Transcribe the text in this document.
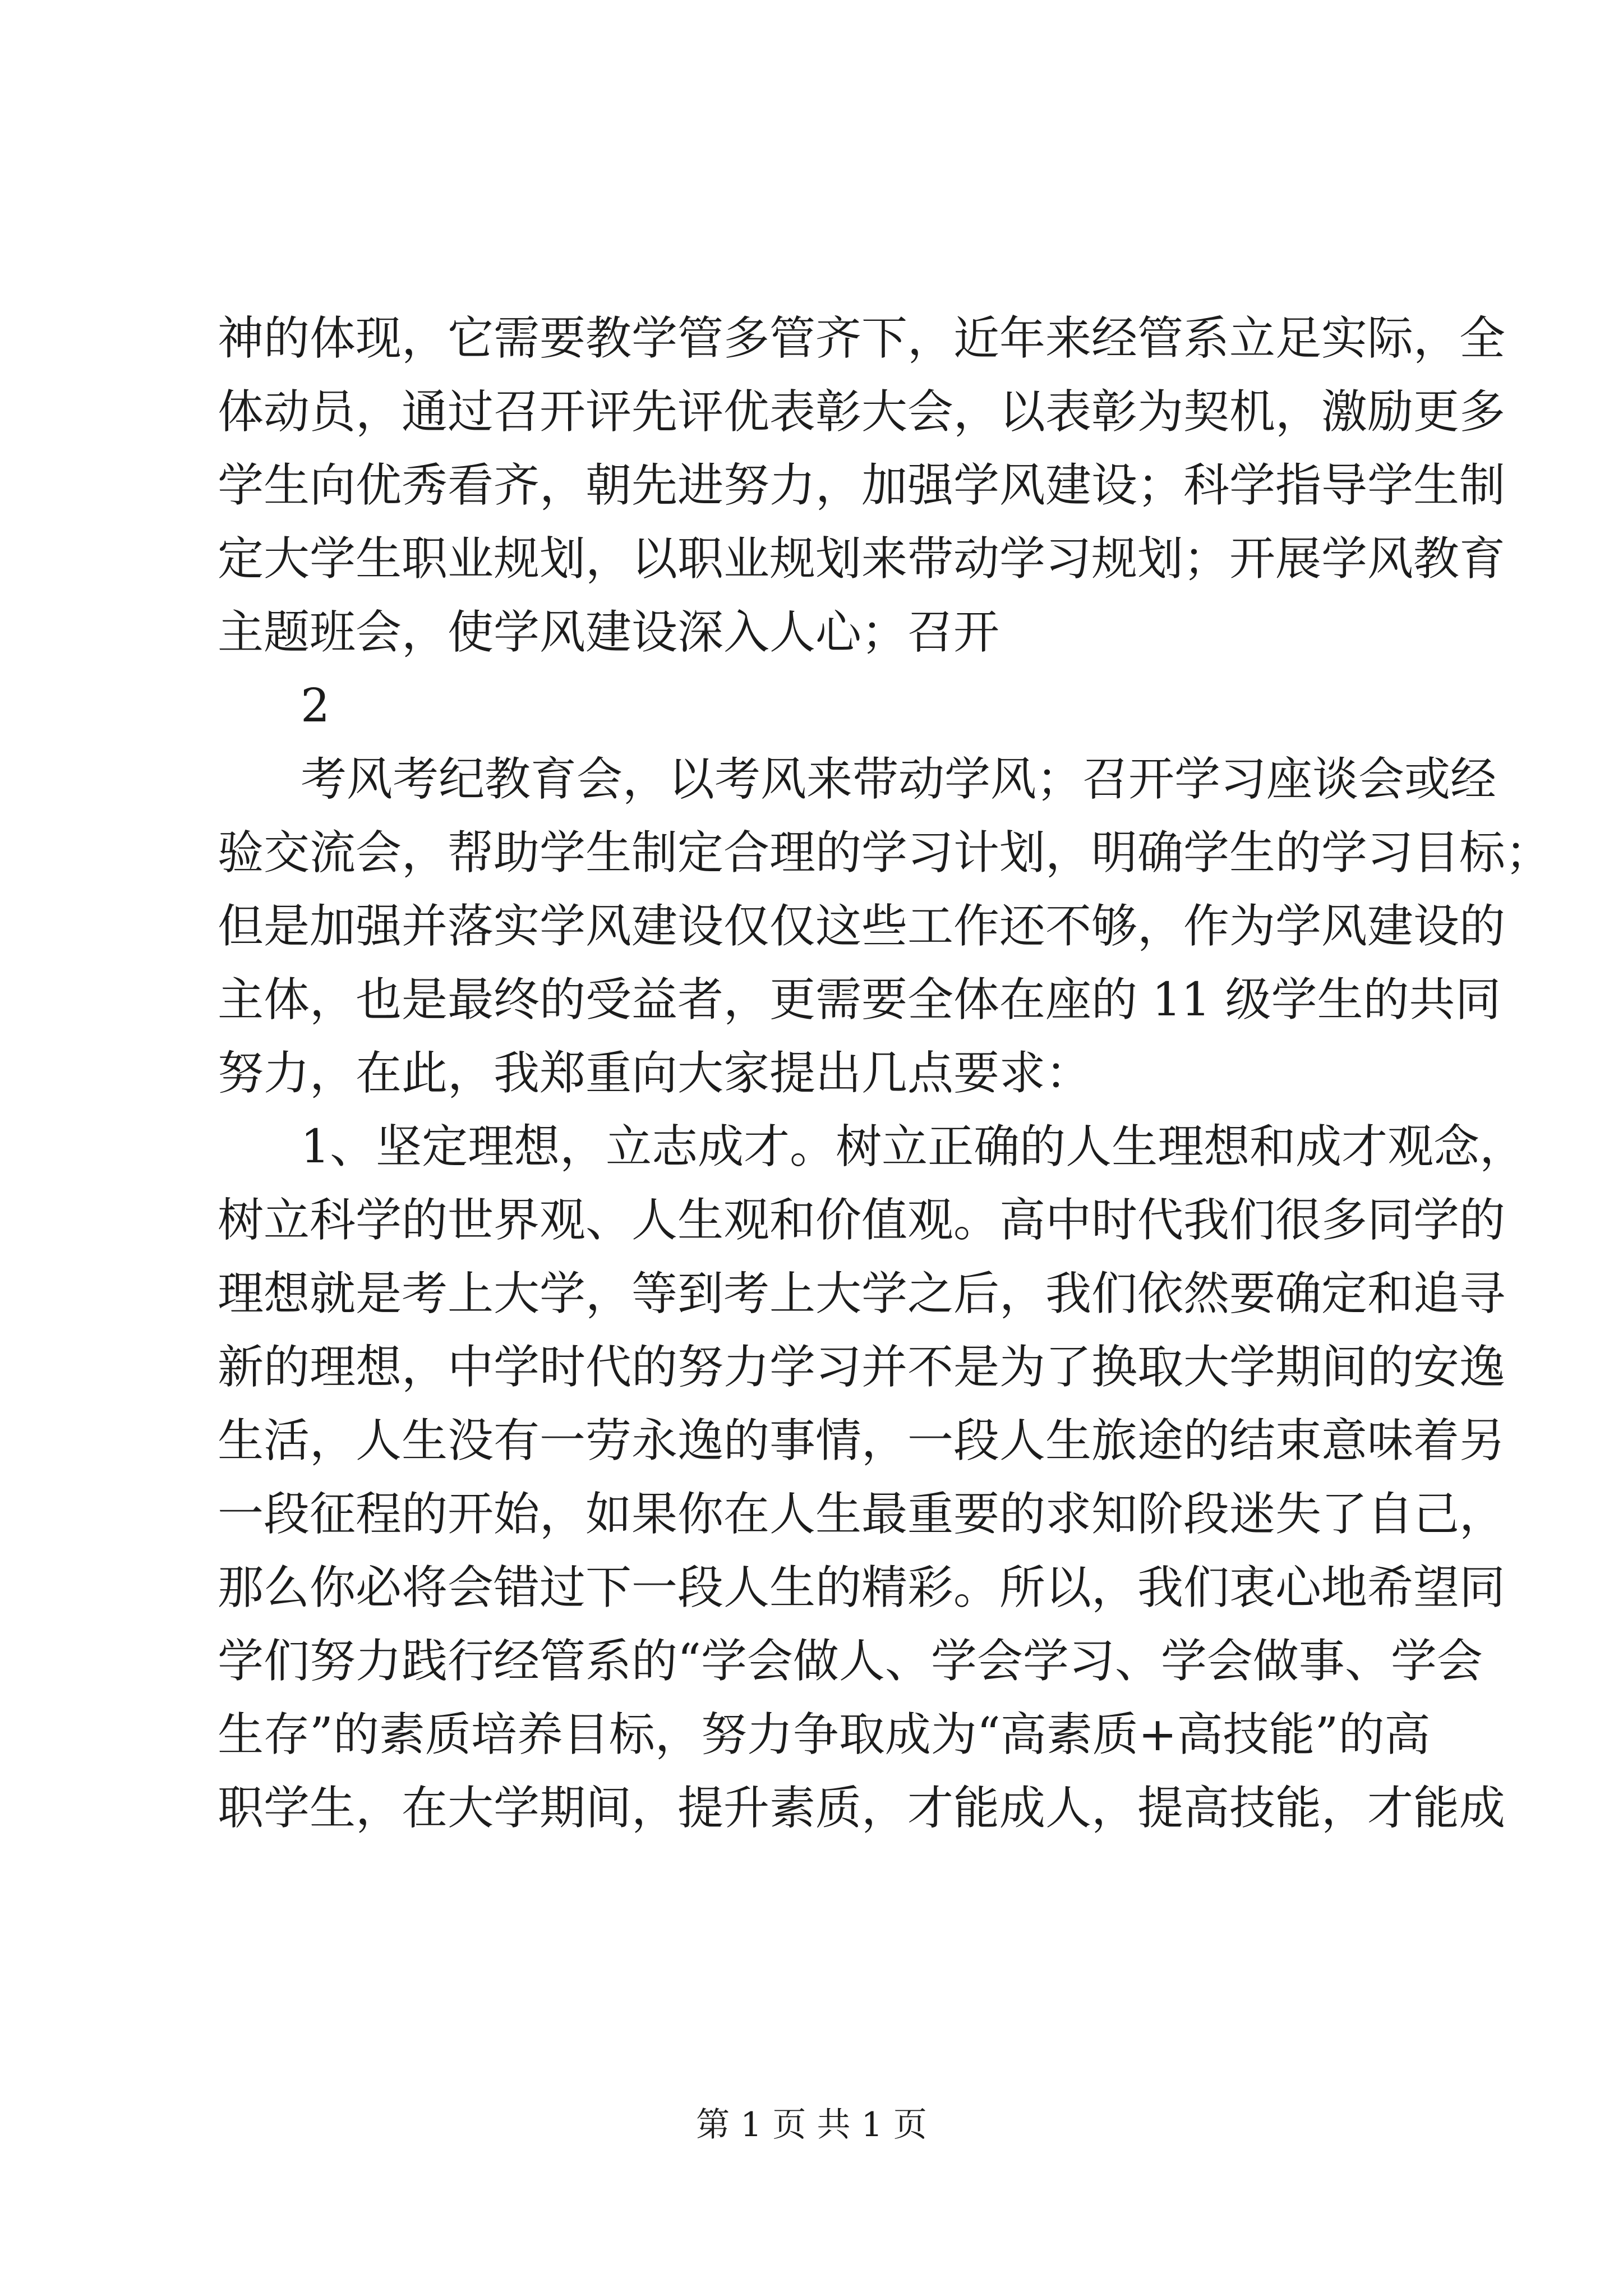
神的体现，它需要教学管多管齐下，近年来经管系立足实际，全
体动员，通过召开评先评优表彰大会，以表彰为契机，激励更多
学生向优秀看齐，朝先进努力，加强学风建设；科学指导学生制
定大学生职业规划，以职业规划来带动学习规划；开展学风教育
主题班会，使学风建设深入人心；召开
2
考风考纪教育会，以考风来带动学风；召开学习座谈会或经
验交流会，帮助学生制定合理的学习计划，明确学生的学习目标；
但是加强并落实学风建设仅仅这些工作还不够，作为学风建设的
主体，也是最终的受益者，更需要全体在座的 11 级学生的共同
努力，在此，我郑重向大家提出几点要求：
1、坚定理想，立志成才。树立正确的人生理想和成才观念，
树立科学的世界观、人生观和价值观。高中时代我们很多同学的
理想就是考上大学，等到考上大学之后，我们依然要确定和追寻
新的理想，中学时代的努力学习并不是为了换取大学期间的安逸
生活，人生没有一劳永逸的事情，一段人生旅途的结束意味着另
一段征程的开始，如果你在人生最重要的求知阶段迷失了自己，
那么你必将会错过下一段人生的精彩。所以，我们衷心地希望同
学们努力践行经管系的“学会做人、学会学习、学会做事、学会
生存”的素质培养目标，努力争取成为“高素质+高技能”的高
职学生，在大学期间，提升素质，才能成人，提高技能，才能成
第 1 页 共 1 页
